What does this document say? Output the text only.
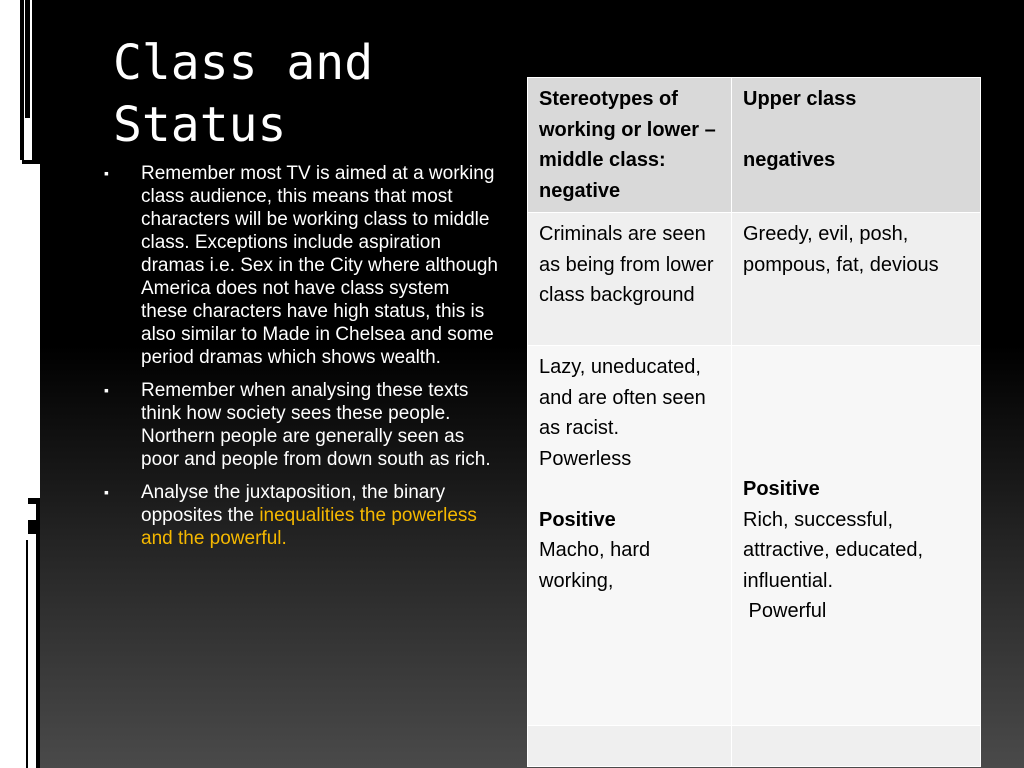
Class and
Status
▪ Remember most TV is aimed at a working class audience, this means that most characters will be working class to middle class. Exceptions include aspiration dramas i.e. Sex in the City where although America does not have class system these characters have high status, this is also similar to Made in Chelsea and some period dramas which shows wealth.
▪ Remember when analysing these texts think how society sees these people. Northern people are generally seen as poor and people from down south as rich.
▪ Analyse the juxtaposition, the binary opposites the inequalities the powerless and the powerful.
Stereotypes of working or lower – middle class: negative	Upper class
negatives
Criminals are seen as being from lower class background	Greedy, evil, posh, pompous, fat, devious
Lazy, uneducated, and are often seen as racist.
Powerless
Positive
Macho, hard working,	Positive
Rich, successful, attractive, educated, influential.
Powerful
